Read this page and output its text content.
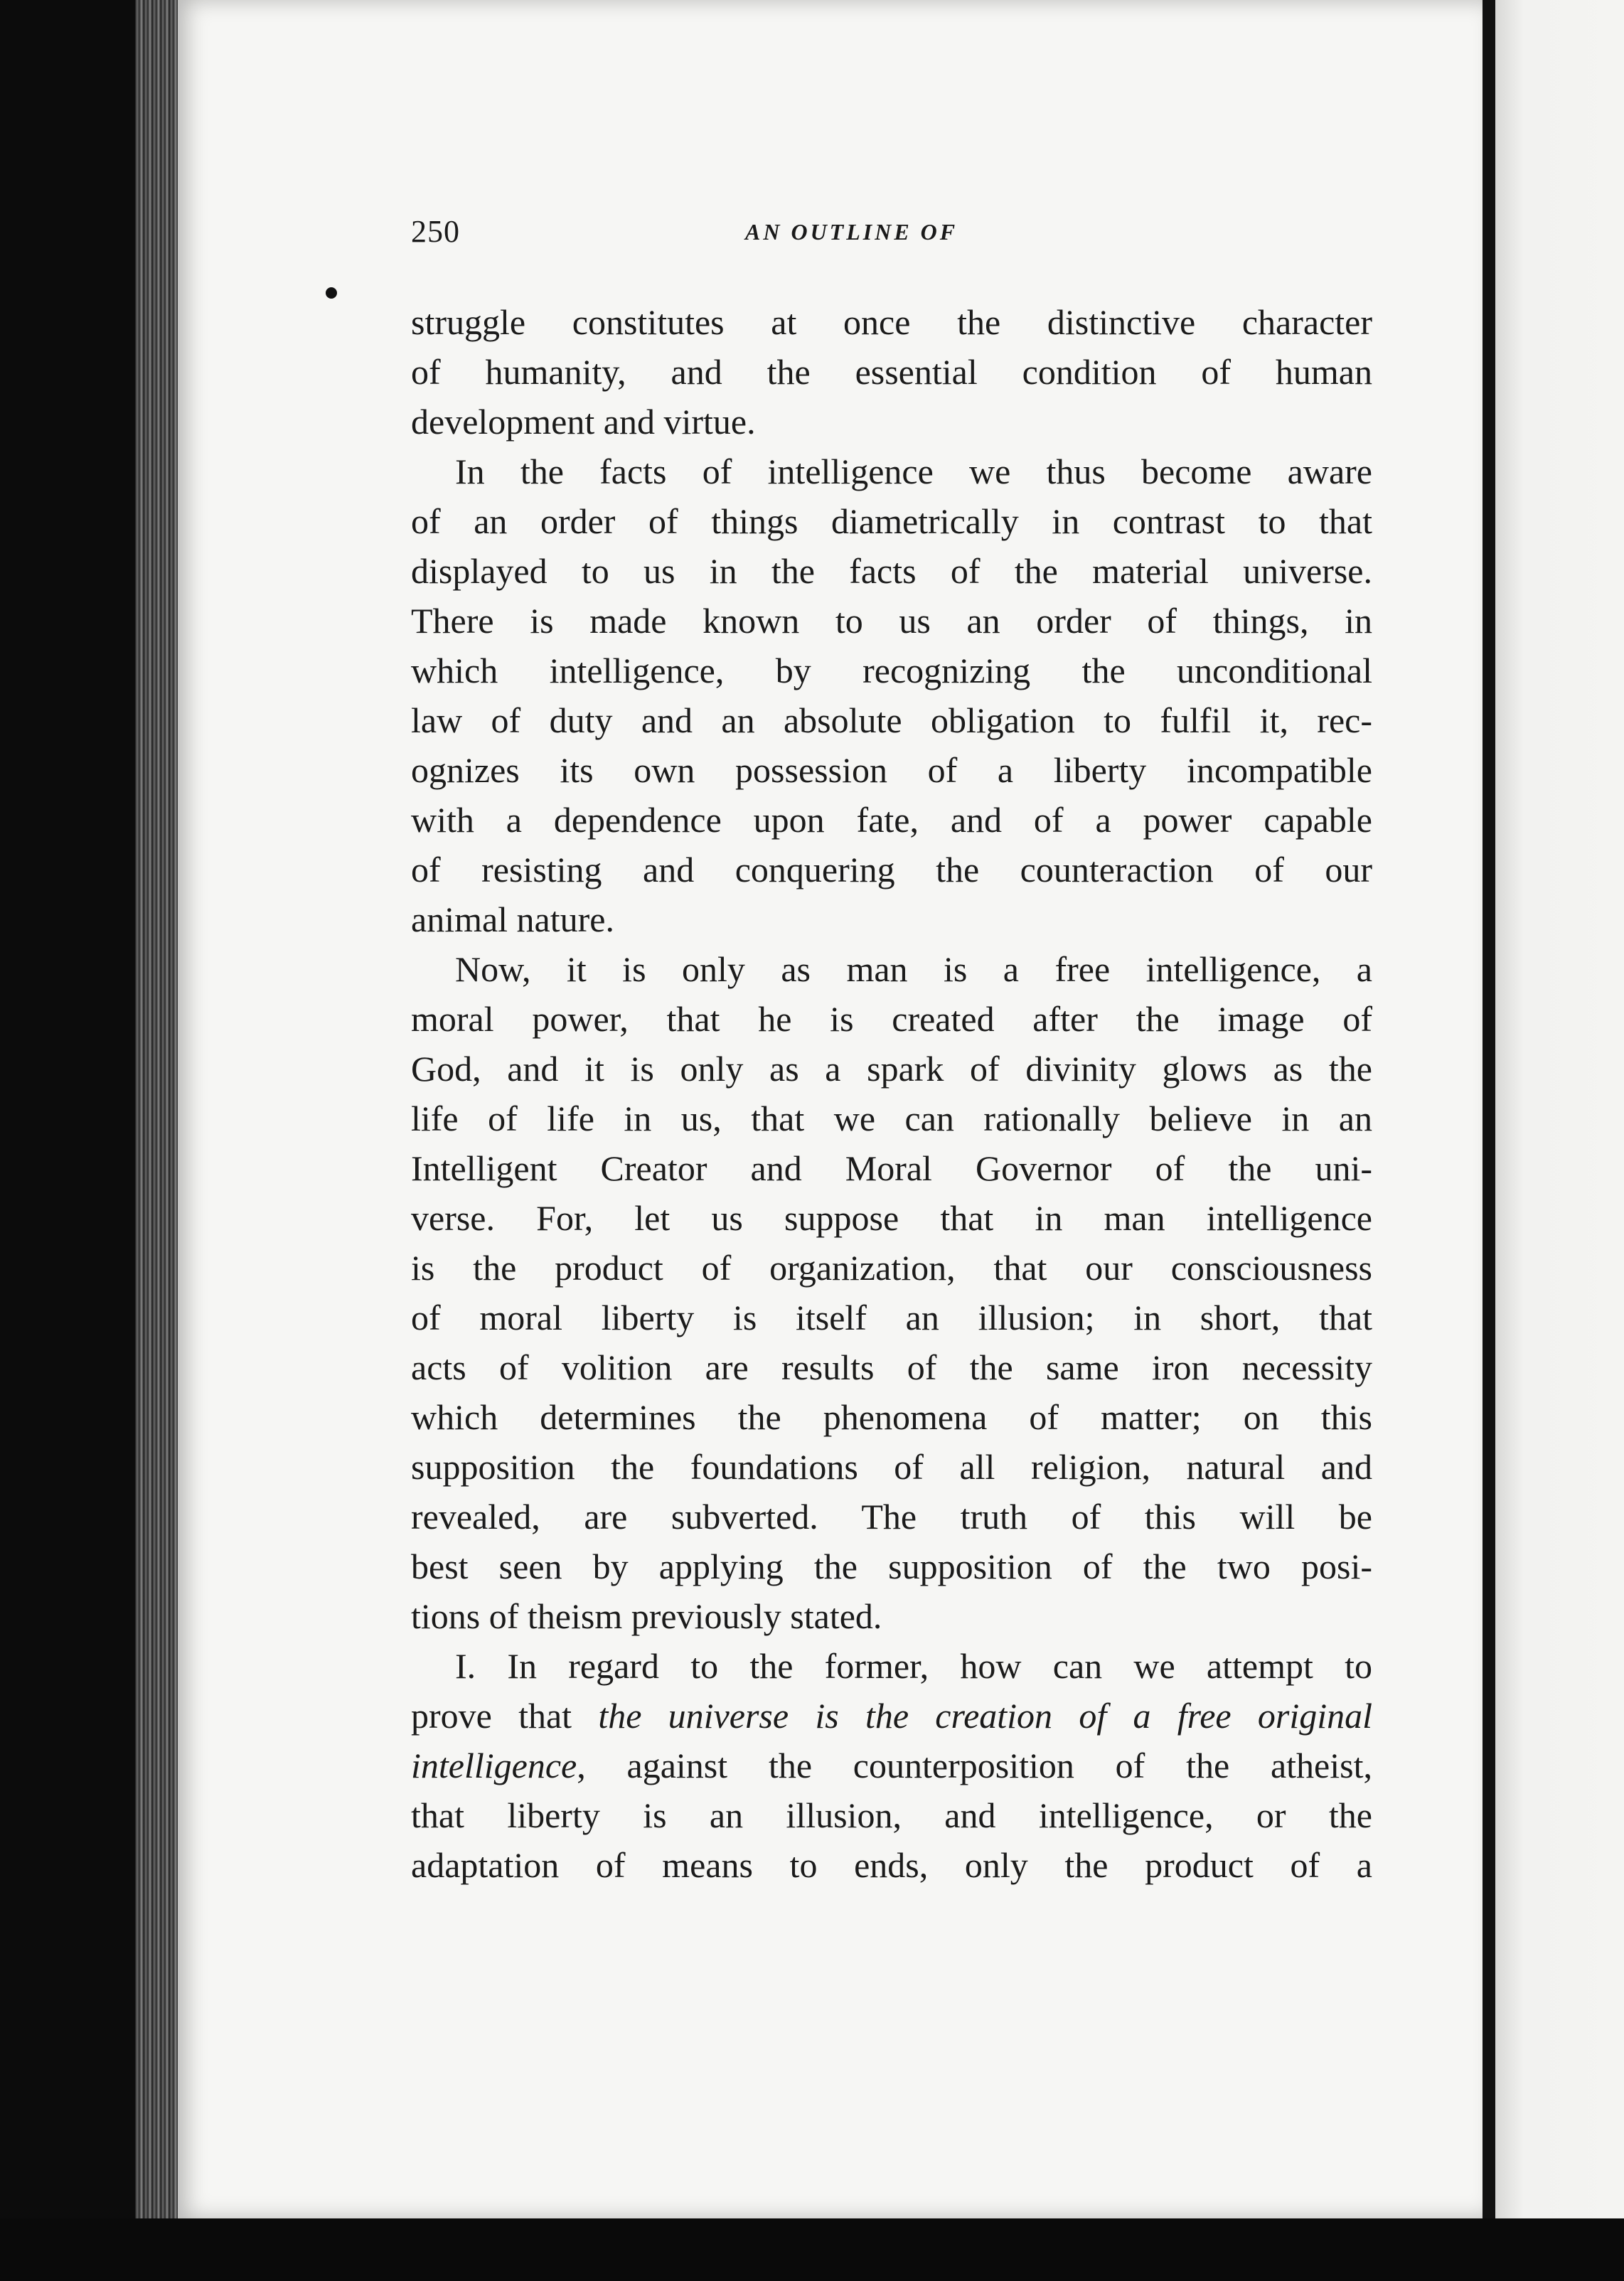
250	AN OUTLINE OF
struggle constitutes at once the distinctive character
of humanity, and the essential condition of human
development and virtue.
In the facts of intelligence we thus become aware
of an order of things diametrically in contrast to that
displayed to us in the facts of the material universe.
There is made known to us an order of things, in
which intelligence, by recognizing the unconditional
law of duty and an absolute obligation to fulfil it, rec-
ognizes its own possession of a liberty incompatible
with a dependence upon fate, and of a power capable
of resisting and conquering the counteraction of our
animal nature.
Now, it is only as man is a free intelligence, a
moral power, that he is created after the image of
God, and it is only as a spark of divinity glows as the
life of life in us, that we can rationally believe in an
Intelligent Creator and Moral Governor of the uni-
verse. For, let us suppose that in man intelligence
is the product of organization, that our consciousness
of moral liberty is itself an illusion; in short, that
acts of volition are results of the same iron necessity
which determines the phenomena of matter; on this
supposition the foundations of all religion, natural and
revealed, are subverted. The truth of this will be
best seen by applying the supposition of the two posi-
tions of theism previously stated.
I. In regard to the former, how can we attempt to
prove that the universe is the creation of a free original
intelligence, against the counterposition of the atheist,
that liberty is an illusion, and intelligence, or the
adaptation of means to ends, only the product of a
